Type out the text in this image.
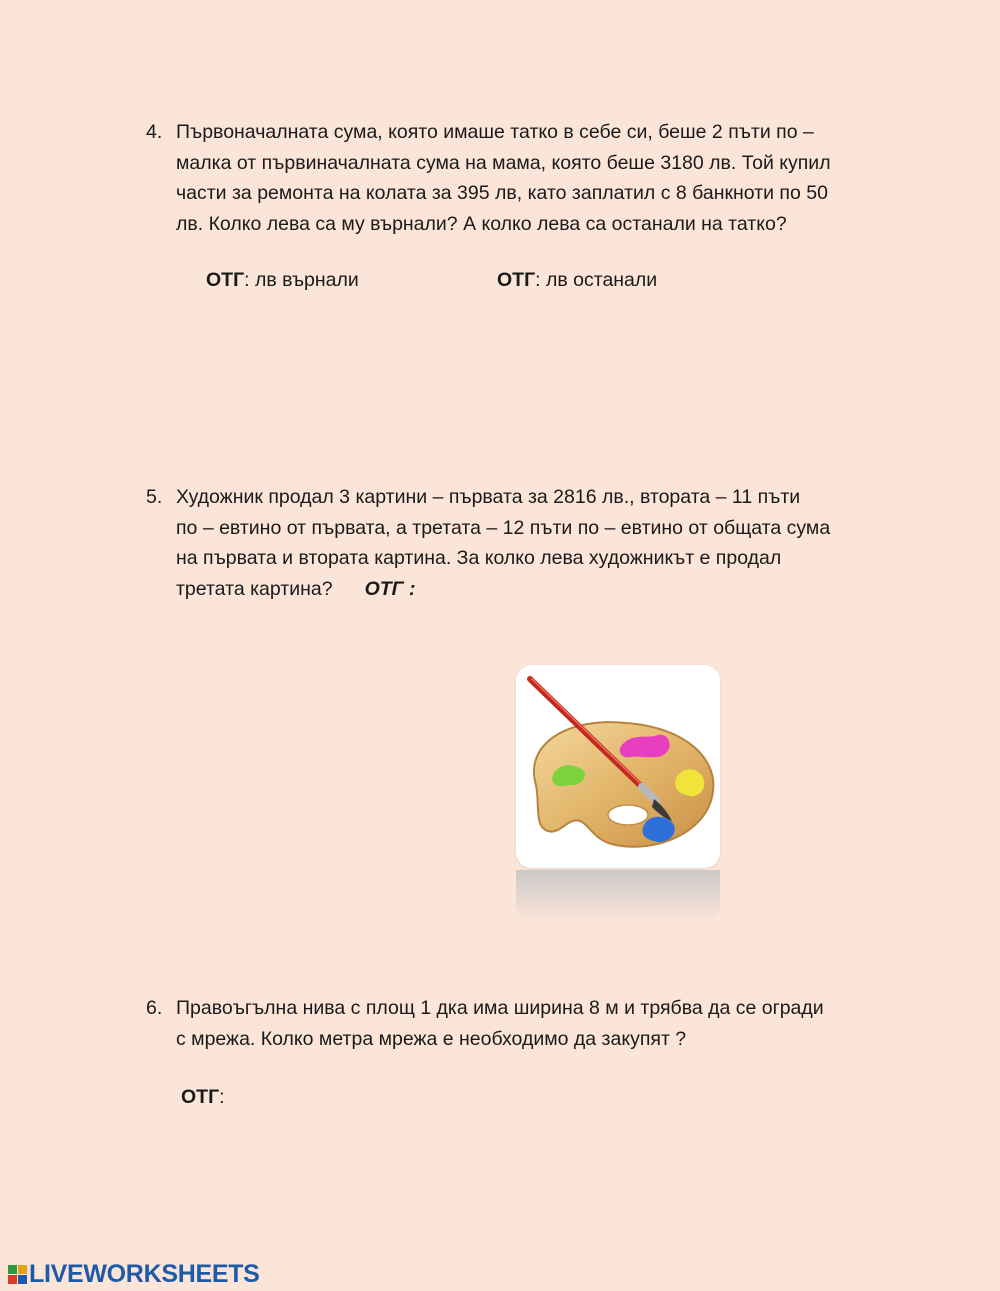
4. Първоначалната сума, която имаше татко в себе си, беше 2 пъти по –
малка от първиначалната сума на мама, която беше 3180 лв. Той купил
части за ремонта на колата за 395 лв, като заплатил с 8 банкноти по 50
лв. Колко лева са му върнали? А колко лева са останали на татко?
ОТГ: лв върнали	ОТГ: лв останали
5. Художник продал 3 картини – първата за 2816 лв., втората – 11 пъти
по – евтино от първата, а третата – 12 пъти по – евтино от общата сума
на първата и втората картина. За колко лева художникът е продал
третата картина? ОТГ :
6. Правоъгълна нива с площ 1 дка има ширина 8 м и трябва да се огради
с мрежа. Колко метра мрежа е необходимо да закупят ?
ОТГ:
LIVEWORKSHEETS
